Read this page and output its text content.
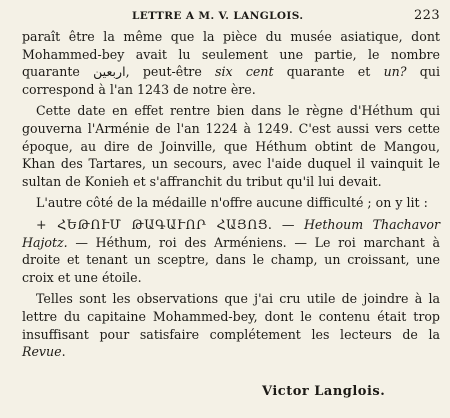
LETTRE A M. V. LANGLOIS.	223

paraît être la même que la pièce du musée asiatique, dont Mohammed-bey avait lu seulement une partie, le nombre quarante اربعين, peut-être six cent quarante et un? qui correspond à l'an 1243 de notre ère.

Cette date en effet rentre bien dans le règne d'Héthum qui gouverna l'Arménie de l'an 1224 à 1249. C'est aussi vers cette époque, au dire de Joinville, que Héthum obtint de Mangou, Khan des Tartares, un secours, avec l'aide duquel il vainquit le sultan de Konieh et s'affranchit du tribut qu'il lui devait.

L'autre côté de la médaille n'offre aucune difficulté ; on y lit :

+ ՀԵԹՈՒՄ ԹԱԳԱՒՈՐ ՀԱՅՈՑ. — Hethoum Thachavor Hajotz. — Héthum, roi des Arméniens. — Le roi marchant à droite et tenant un sceptre, dans le champ, un croissant, une croix et une étoile.

Telles sont les observations que j'ai cru utile de joindre à la lettre du capitaine Mohammed-bey, dont le contenu était trop insuffisant pour satisfaire complétement les lecteurs de la Revue.

Victor Langlois.
